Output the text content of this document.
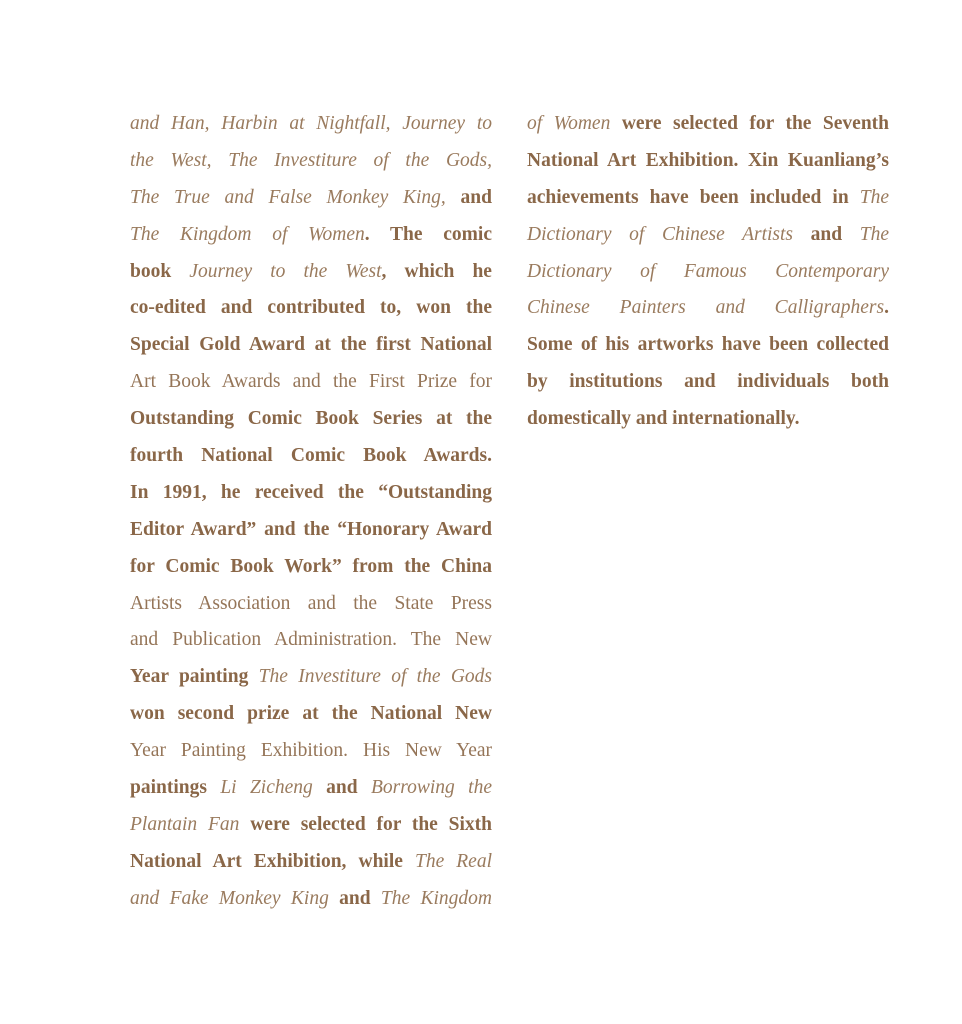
and Han, Harbin at Nightfall, Journey to
the West, The Investiture of the Gods,
The True and False Monkey King, and
The Kingdom of Women. The comic
book Journey to the West, which he
co-edited and contributed to, won the
Special Gold Award at the first National
Art Book Awards and the First Prize for
Outstanding Comic Book Series at the
fourth National Comic Book Awards.
In 1991, he received the “Outstanding
Editor Award” and the “Honorary Award
for Comic Book Work” from the China
Artists Association and the State Press
and Publication Administration. The New
Year painting The Investiture of the Gods
won second prize at the National New
Year Painting Exhibition. His New Year
paintings Li Zicheng and Borrowing the
Plantain Fan were selected for the Sixth
National Art Exhibition, while The Real
and Fake Monkey King and The Kingdom
of Women were selected for the Seventh
National Art Exhibition. Xin Kuanliang’s
achievements have been included in The
Dictionary of Chinese Artists and The
Dictionary of Famous Contemporary
Chinese Painters and Calligraphers.
Some of his artworks have been collected
by institutions and individuals both
domestically and internationally.
